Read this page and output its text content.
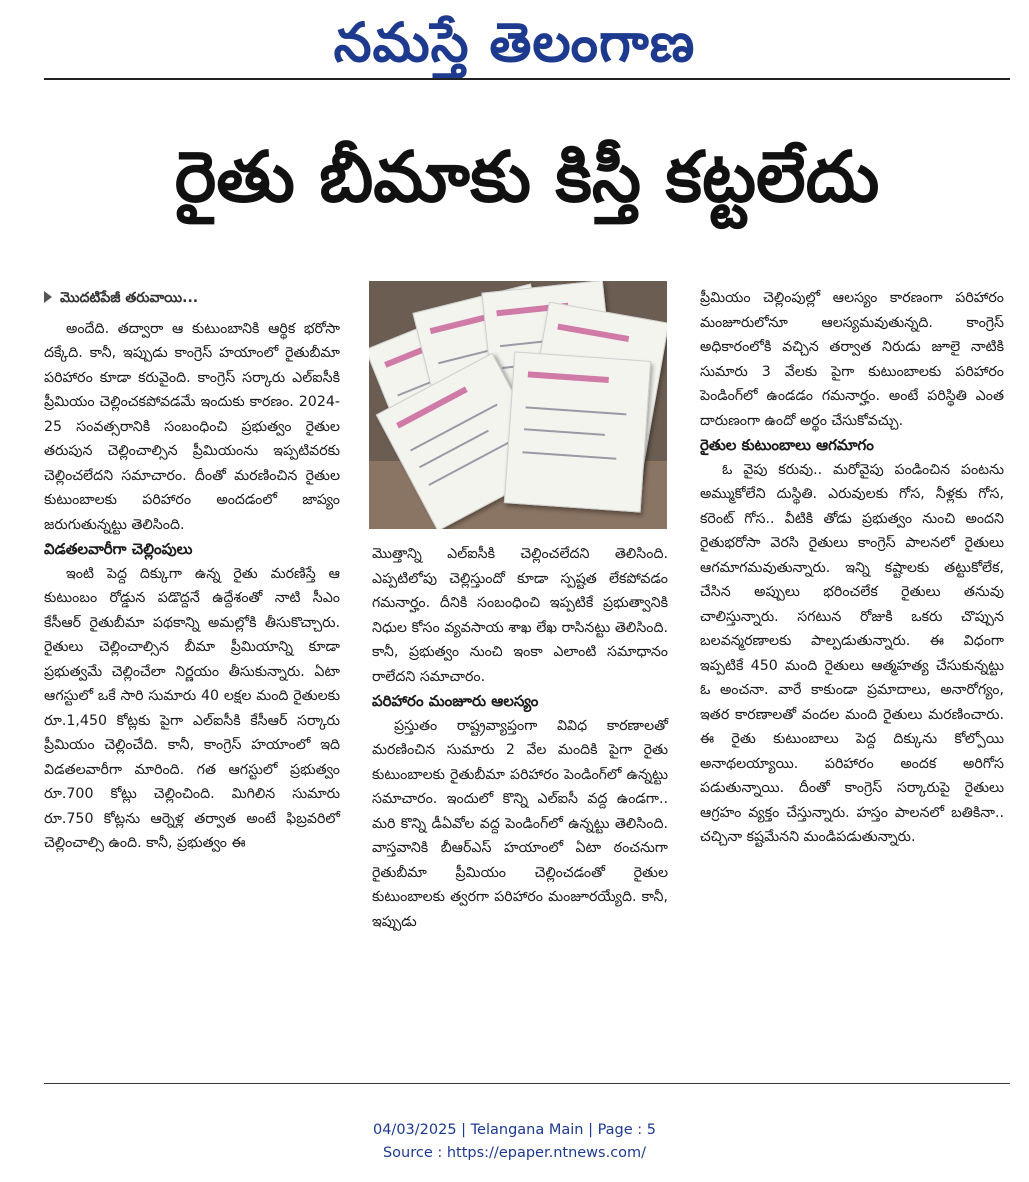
నమస్తే తెలంగాణ
రైతు బీమాకు కిస్తీ కట్టలేదు
మొదటిపేజీ తరువాయి...

అందేది. తద్వారా ఆ కుటుంబానికి ఆర్థిక భరోసా దక్కేది. కానీ, ఇప్పుడు కాంగ్రెస్ హయాంలో రైతుబీమా పరిహారం కూడా కరువైంది. కాంగ్రెస్ సర్కారు ఎల్‌ఐసీకి ప్రీమియం చెల్లించకపోవడమే ఇందుకు కారణం. 2024-25 సంవత్సరానికి సంబంధించి ప్రభుత్వం రైతుల తరుపున చెల్లించాల్సిన ప్రీమియంను ఇప్పటివరకు చెల్లించలేదని సమాచారం. దీంతో మరణించిన రైతుల కుటుంబాలకు పరిహారం అందడంలో జాప్యం జరుగుతున్నట్టు తెలిసింది.

విడతలవారీగా చెల్లింపులు

ఇంటి పెద్ద దిక్కుగా ఉన్న రైతు మరణిస్తే ఆ కుటుంబం రోడ్డున పడొద్దనే ఉద్దేశంతో నాటి సీఎం కేసీఆర్ రైతుబీమా పథకాన్ని అమల్లోకి తీసుకొచ్చారు. రైతులు చెల్లించాల్సిన బీమా ప్రీమియాన్ని కూడా ప్రభుత్వమే చెల్లించేలా నిర్ణయం తీసుకున్నారు. ఏటా ఆగస్టులో ఒకే సారి సుమారు 40 లక్షల మంది రైతులకు రూ.1,450 కోట్లకు పైగా ఎల్‌ఐసీకి కేసీఆర్ సర్కారు ప్రీమియం చెల్లించేది. కానీ, కాంగ్రెస్ హయాంలో ఇది విడతలవారీగా మారింది. గత ఆగస్టులో ప్రభుత్వం రూ.700 కోట్లు చెల్లించింది. మిగిలిన సుమారు రూ.750 కోట్లను ఆర్నెళ్ల తర్వాత అంటే ఫిబ్రవరిలో చెల్లించాల్సి ఉంది. కానీ, ప్రభుత్వం ఈ

మొత్తాన్ని ఎల్‌ఐసీకి చెల్లించలేదని తెలిసింది. ఎప్పటిలోపు చెల్లిస్తుందో కూడా స్పష్టత లేకపోవడం గమనార్హం. దీనికి సంబంధించి ఇప్పటికే ప్రభుత్వానికి నిధుల కోసం వ్యవసాయ శాఖ లేఖ రాసినట్టు తెలిసింది. కానీ, ప్రభుత్వం నుంచి ఇంకా ఎలాంటి సమాధానం రాలేదని సమాచారం.

పరిహారం మంజూరు ఆలస్యం

ప్రస్తుతం రాష్ట్రవ్యాప్తంగా వివిధ కారణాలతో మరణించిన సుమారు 2 వేల మందికి పైగా రైతు కుటుంబాలకు రైతుబీమా పరిహారం పెండింగ్‌లో ఉన్నట్టు సమాచారం. ఇందులో కొన్ని ఎల్‌ఐసీ వద్ద ఉండగా.. మరి కొన్ని డీఏవోల వద్ద పెండింగ్‌లో ఉన్నట్టు తెలిసింది. వాస్తవానికి బీఆర్‌ఎస్ హయాంలో ఏటా ఠంచనుగా రైతుబీమా ప్రీమియం చెల్లించడంతో రైతుల కుటుంబాలకు త్వరగా పరిహారం మంజూరయ్యేది. కానీ, ఇప్పుడు

ప్రీమియం చెల్లింపుల్లో ఆలస్యం కారణంగా పరిహారం మంజూరులోనూ ఆలస్యమవుతున్నది. కాంగ్రెస్ అధికారంలోకి వచ్చిన తర్వాత నిరుడు జూలై నాటికి సుమారు 3 వేలకు పైగా కుటుంబాలకు పరిహారం పెండింగ్‌లో ఉండడం గమనార్హం. అంటే పరిస్థితి ఎంత దారుణంగా ఉందో అర్థం చేసుకోవచ్చు.

రైతుల కుటుంబాలు ఆగమాగం

ఓ వైపు కరువు.. మరోవైపు పండించిన పంటను అమ్ముకోలేని దుస్థితి. ఎరువులకు గోస, నీళ్లకు గోస, కరెంట్ గోస.. వీటికి తోడు ప్రభుత్వం నుంచి అందని రైతుభరోసా వెరసి రైతులు కాంగ్రెస్ పాలనలో రైతులు ఆగమాగమవుతున్నారు. ఇన్ని కష్టాలకు తట్టుకోలేక, చేసిన అప్పులు భరించలేక రైతులు తనువు చాలిస్తున్నారు. సగటున రోజుకి ఒకరు చొప్పున బలవన్మరణాలకు పాల్పడుతున్నారు. ఈ విధంగా ఇప్పటికే 450 మంది రైతులు ఆత్మహత్య చేసుకున్నట్టు ఓ అంచనా. వారే కాకుండా ప్రమాదాలు, అనారోగ్యం, ఇతర కారణాలతో వందల మంది రైతులు మరణించారు. ఈ రైతు కుటుంబాలు పెద్ద దిక్కును కోల్పోయి అనాథలయ్యాయి. పరిహారం అందక అరిగోస పడుతున్నాయి. దీంతో కాంగ్రెస్ సర్కారుపై రైతులు ఆగ్రహం వ్యక్తం చేస్తున్నారు. హస్తం పాలనలో బతికినా.. చచ్చినా కష్టమేనని మండిపడుతున్నారు.

04/03/2025 | Telangana Main | Page : 5
Source : https://epaper.ntnews.com/
